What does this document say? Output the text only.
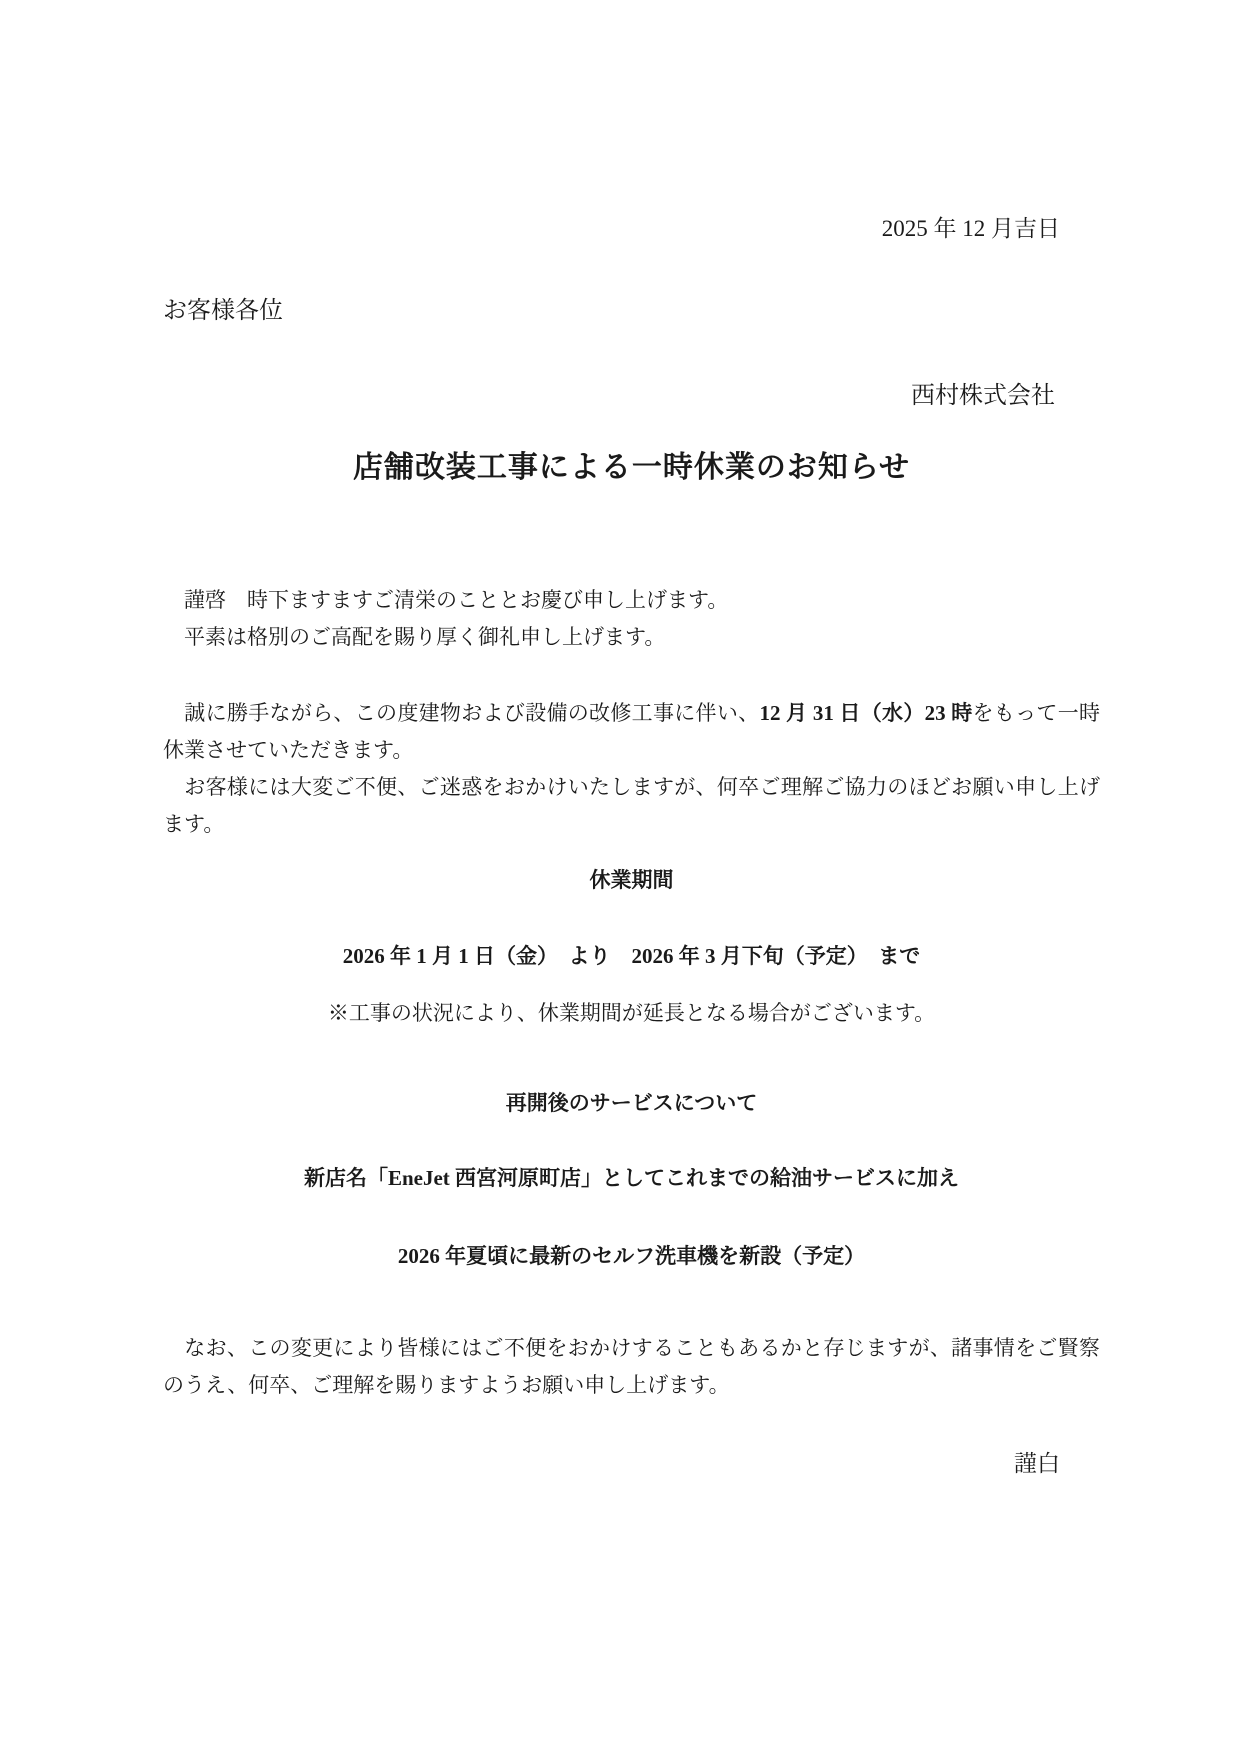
2025 年 12 月吉日
お客様各位
西村株式会社
店舗改装工事による一時休業のお知らせ

　謹啓　時下ますますご清栄のこととお慶び申し上げます。

　平素は格別のご高配を賜り厚く御礼申し上げます。

　誠に勝手ながら、この度建物および設備の改修工事に伴い、12 月 31 日（水）23 時をもって一時休業させていただきます。

　お客様には大変ご不便、ご迷惑をおかけいたしますが、何卒ご理解ご協力のほどお願い申し上げます。

休業期間
2026 年 1 月 1 日（金）　より　2026 年 3 月下旬（予定）　まで
※工事の状況により、休業期間が延長となる場合がございます。
再開後のサービスについて
新店名「EneJet 西宮河原町店」としてこれまでの給油サービスに加え
2026 年夏頃に最新のセルフ洗車機を新設（予定）
　なお、この変更により皆様にはご不便をおかけすることもあるかと存じますが、諸事情をご賢察のうえ、何卒、ご理解を賜りますようお願い申し上げます。
謹白
